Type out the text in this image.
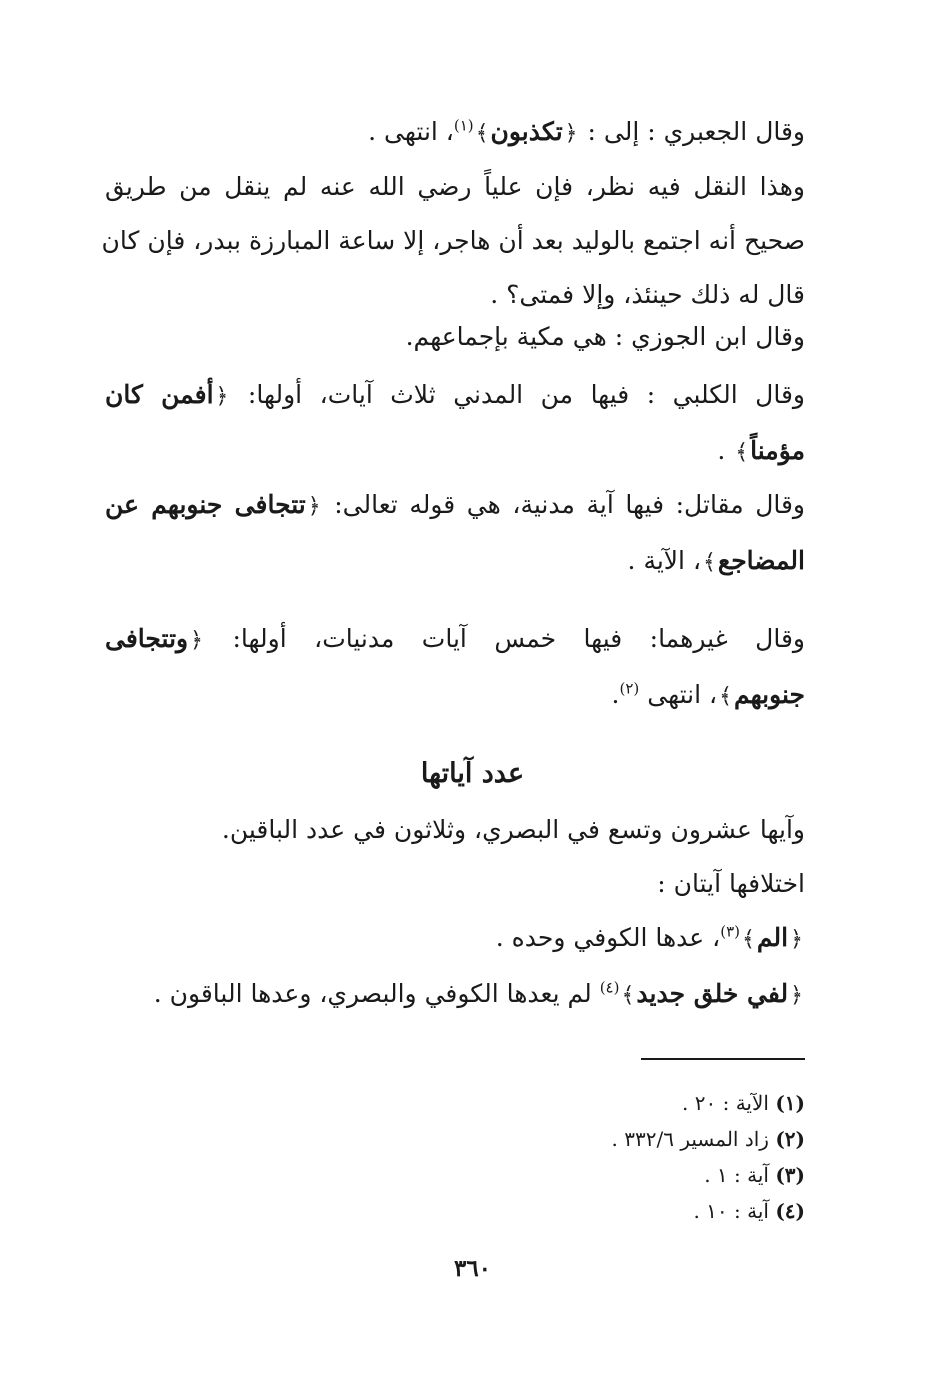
وقال الجعبري : إلى : ﴿تكذبون﴾$^{(١)}$، انتهى .

وهذا النقل فيه نظر، فإن علياً رضي الله عنه لم ينقل من طريق
صحيح أنه اجتمع بالوليد بعد أن هاجر، إلا ساعة المبارزة ببدر، فإن كان
قال له ذلك حينئذ، وإلا فمتى؟ .

وقال ابن الجوزي : هي مكية بإجماعهم.

وقال الكلبي : فيها من المدني ثلاث آيات، أولها: ﴿أفمن كان
مؤمناً﴾ .

وقال مقاتل: فيها آية مدنية، هي قوله تعالى: ﴿تتجافى جنوبهم عن
المضاجع﴾، الآية .

وقال غيرهما: فيها خمس آيات مدنيات، أولها: ﴿وتتجافى
جنوبهم﴾، انتهى $^{(٢)}$.

عدد آياتها

وآيها عشرون وتسع في البصري، وثلاثون في عدد الباقين.
اختلافها آيتان :
﴿الم﴾$^{(٣)}$، عدها الكوفي وحده .
﴿لفي خلق جديد﴾$^{(٤)}$ لم يعدها الكوفي والبصري، وعدها الباقون .

(١) الآية : ٢٠ .

(٢) زاد المسير ٣٣٢/٦ .

(٣) آية : ١ .

(٤) آية : ١٠ .

٣٦٠
